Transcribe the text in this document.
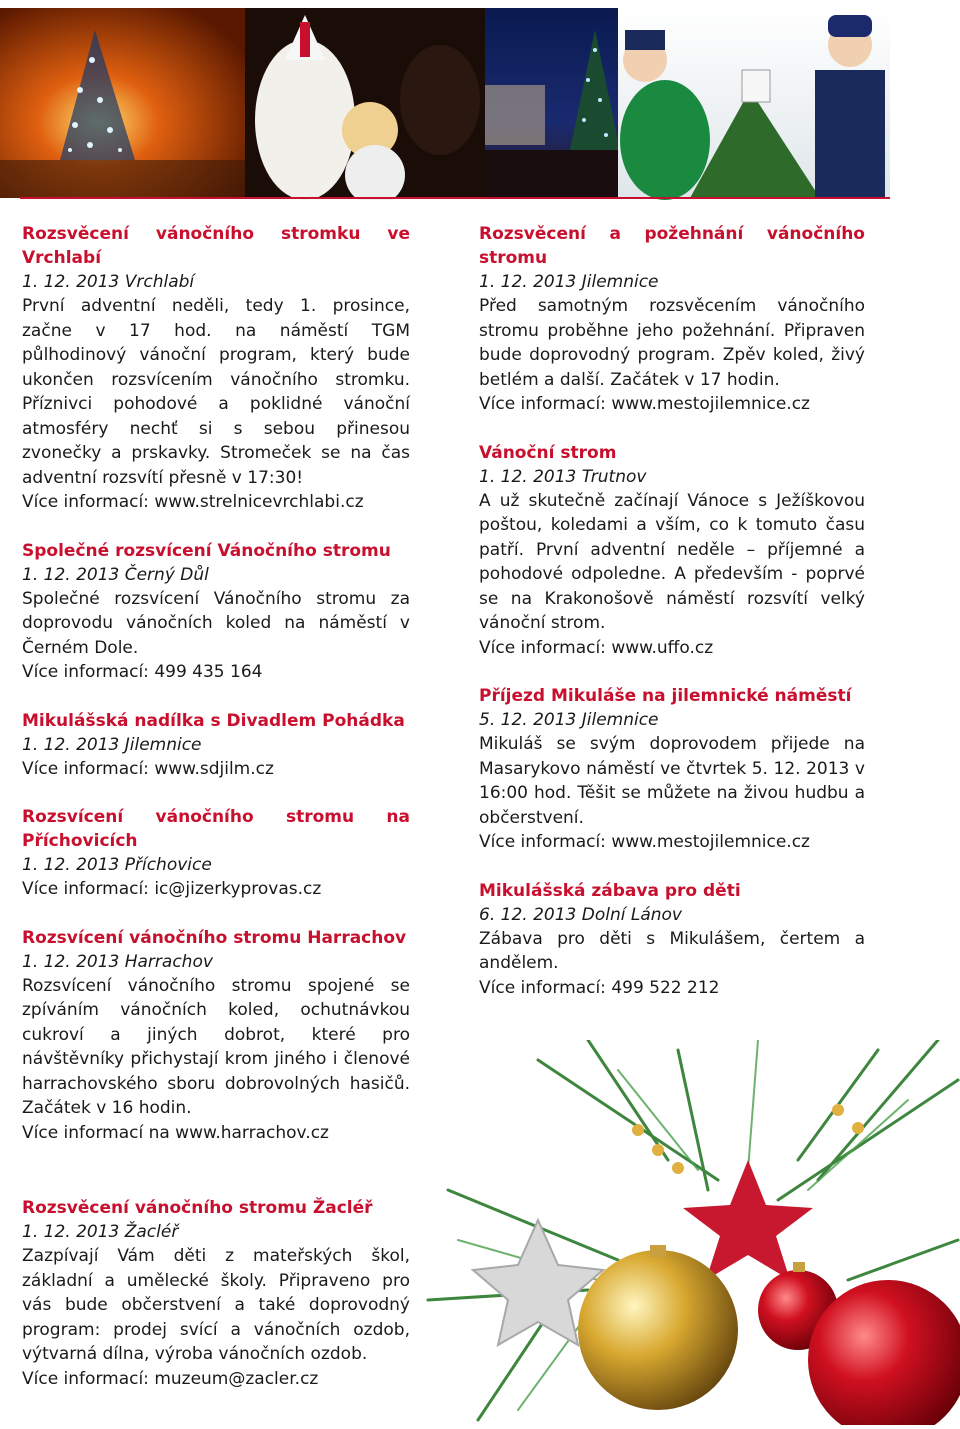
Rozsvěcení vánočního stromku ve Vrchlabí

1. 12. 2013 Vrchlabí

První adventní neděli, tedy 1. prosince, začne v 17 hod. na náměstí TGM půlhodinový vánoční program, který bude ukončen rozsvícením vánočního stromku. Příznivci pohodové a poklidné vánoční atmosféry nechť si s sebou přinesou zvonečky a prskavky. Stromeček se na čas adventní rozsvítí přesně v 17:30!

Více informací: www.strelnicevrchlabi.cz

Společné rozsvícení Vánočního stromu

1. 12. 2013 Černý Důl

Společné rozsvícení Vánočního stromu za doprovodu vánočních koled na náměstí v Černém Dole.

Více informací: 499 435 164

Mikulášská nadílka s Divadlem Pohádka

1. 12. 2013 Jilemnice

Více informací: www.sdjilm.cz

Rozsvícení vánočního stromu na Příchovicích

1. 12. 2013 Příchovice

Více informací: ic@jizerkyprovas.cz

Rozsvícení vánočního stromu Harrachov

1. 12. 2013 Harrachov

Rozsvícení vánočního stromu spojené se zpíváním vánočních koled, ochutnávkou cukroví a jiných dobrot, které pro návštěvníky přichystají krom jiného i členové harrachovského sboru dobrovolných hasičů. Začátek v 16 hodin.

Více informací na www.harrachov.cz

Rozsvěcení a požehnání vánočního stromu

1. 12. 2013 Jilemnice

Před samotným rozsvěcením vánočního stromu proběhne jeho požehnání. Připraven bude doprovodný program. Zpěv koled, živý betlém a další. Začátek v 17 hodin.

Více informací: www.mestojilemnice.cz

Vánoční strom

1. 12. 2013 Trutnov

A už skutečně začínají Vánoce s Ježíškovou poštou, koledami a vším, co k tomuto času patří. První adventní neděle – příjemné a pohodové odpoledne. A především - poprvé se na Krakonošově náměstí rozsvítí velký vánoční strom.

Více informací: www.uffo.cz

Příjezd Mikuláše na jilemnické náměstí

5. 12. 2013 Jilemnice

Mikuláš se svým doprovodem přijede na Masarykovo náměstí ve čtvrtek 5. 12. 2013 v 16:00 hod. Těšit se můžete na živou hudbu a občerstvení.

Více informací: www.mestojilemnice.cz

Mikulášská zábava pro děti

6. 12. 2013 Dolní Lánov

Zábava pro děti s Mikulášem, čertem a andělem.

Více informací: 499 522 212

Rozsvěcení vánočního stromu Žacléř

1. 12. 2013 Žacléř

Zazpívají Vám děti z mateřských škol, základní a umělecké školy. Připraveno pro vás bude občerstvení a také doprovodný program: prodej svící a vánočních ozdob, výtvarná dílna, výroba vánočních ozdob.

Více informací: muzeum@zacler.cz
